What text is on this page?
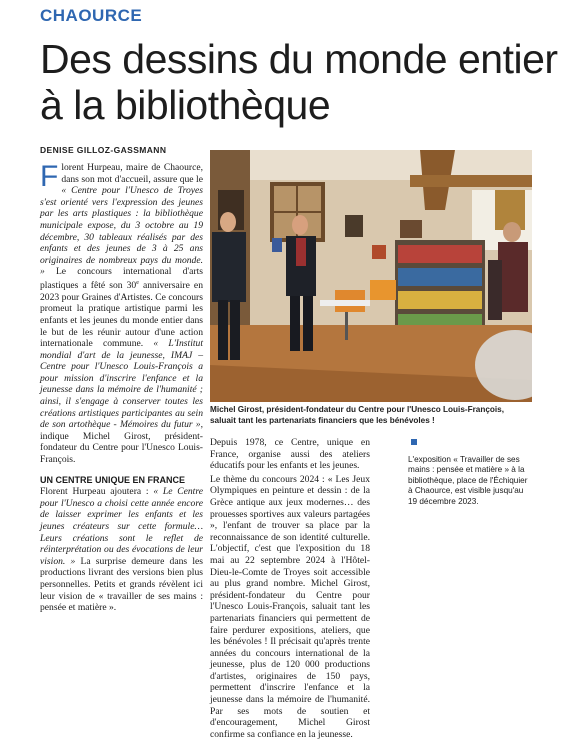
CHAOURCE
Des dessins du monde entier
à la bibliothèque
DENISE GILLOZ-GASSMANN

Michel Girost, président-fondateur du Centre pour l'Unesco Louis-François, saluait tant les partenariats financiers que les bénévoles !

Florent Hurpeau, maire de Chaource, dans son mot d'accueil, assure que le « Centre pour l'Unesco de Troyes s'est orienté vers l'expression des jeunes par les arts plastiques : la bibliothèque municipale expose, du 3 octobre au 19 décembre, 30 tableaux réalisés par des enfants et des jeunes de 3 à 25 ans originaires de nombreux pays du monde. » Le concours international d'arts plastiques a fêté son 30e anniversaire en 2023 pour Graines d'Artistes. Ce concours promeut la pratique artistique parmi les enfants et les jeunes du monde entier dans le but de les réunir autour d'une action internationale commune. « L'Institut mondial d'art de la jeunesse, IMAJ – Centre pour l'Unesco Louis-François a pour mission d'inscrire l'enfance et la jeunesse dans la mémoire de l'humanité ; ainsi, il s'engage à conserver toutes les créations artistiques participantes au sein de son artothèque - Mémoires du futur », indique Michel Girost, président-fondateur du Centre pour l'Unesco Louis-François.

UN CENTRE UNIQUE EN FRANCE

Florent Hurpeau ajoutera : « Le Centre pour l'Unesco a choisi cette année encore de laisser exprimer les enfants et les jeunes créateurs sur cette formule… Leurs créations sont le reflet de réinterprétation ou des évocations de leur vision. » La surprise demeure dans les productions livrant des versions bien plus personnelles. Petits et grands révèlent ici leur vision de « travailler de ses mains : pensée et matière ».

Depuis 1978, ce Centre, unique en France, organise aussi des ateliers éducatifs pour les enfants et les jeunes.

Le thème du concours 2024 : « Les Jeux Olympiques en peinture et dessin : de la Grèce antique aux jeux modernes… des prouesses sportives aux valeurs partagées », l'enfant de trouver sa place par la reconnaissance de son identité culturelle. L'objectif, c'est que l'exposition du 18 mai au 22 septembre 2024 à l'Hôtel-Dieu-le-Comte de Troyes soit accessible au plus grand nombre. Michel Girost, président-fondateur du Centre pour l'Unesco Louis-François, saluait tant les partenariats financiers qui permettent de faire perdurer expositions, ateliers, que les bénévoles ! Il précisait qu'après trente années du concours international de la jeunesse, plus de 120 000 productions d'artistes, originaires de 150 pays, permettent d'inscrire l'enfance et la jeunesse dans la mémoire de l'humanité. Par ses mots de soutien et d'encouragement, Michel Girost confirme sa confiance en la jeunesse.

L'exposition « Travailler de ses mains : pensée et matière » à la bibliothèque, place de l'Échiquier à Chaource, est visible jusqu'au 19 décembre 2023.
